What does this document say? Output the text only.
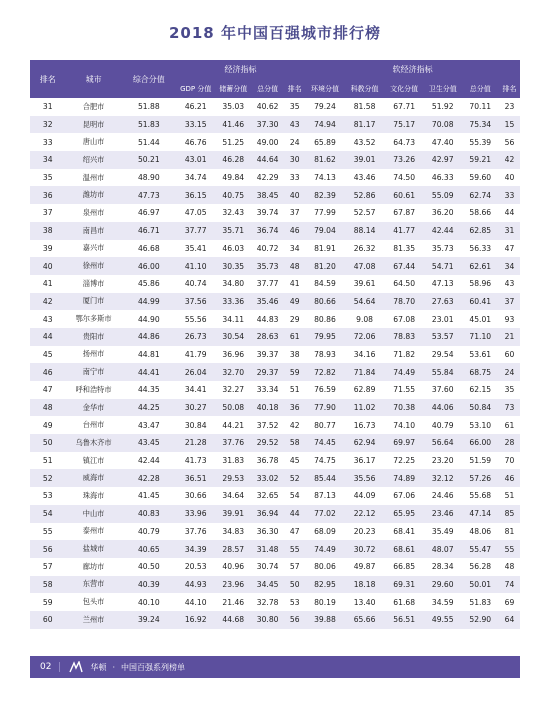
2018 年中国百强城市排行榜
排名	城市	综合分值	经济指标				软经济指标					
			GDP 分值	储蓄分值	总分值	排名	环境分值	科教分值	文化分值	卫生分值	总分值	排名
31	合肥市	51.88	46.21	35.03	40.62	35	79.24	81.58	67.71	51.92	70.11	23
32	昆明市	51.83	33.15	41.46	37.30	43	74.94	81.17	75.17	70.08	75.34	15
33	唐山市	51.44	46.76	51.25	49.00	24	65.89	43.52	64.73	47.40	55.39	56
34	绍兴市	50.21	43.01	46.28	44.64	30	81.62	39.01	73.26	42.97	59.21	42
35	温州市	48.90	34.74	49.84	42.29	33	74.13	43.46	74.50	46.33	59.60	40
36	潍坊市	47.73	36.15	40.75	38.45	40	82.39	52.86	60.61	55.09	62.74	33
37	泉州市	46.97	47.05	32.43	39.74	37	77.99	52.57	67.87	36.20	58.66	44
38	南昌市	46.71	37.77	35.71	36.74	46	79.04	88.14	41.77	42.44	62.85	31
39	嘉兴市	46.68	35.41	46.03	40.72	34	81.91	26.32	81.35	35.73	56.33	47
40	徐州市	46.00	41.10	30.35	35.73	48	81.20	47.08	67.44	54.71	62.61	34
41	淄博市	45.86	40.74	34.80	37.77	41	84.59	39.61	64.50	47.13	58.96	43
42	厦门市	44.99	37.56	33.36	35.46	49	80.66	54.64	78.70	27.63	60.41	37
43	鄂尔多斯市	44.90	55.56	34.11	44.83	29	80.86	9.08	67.08	23.01	45.01	93
44	贵阳市	44.86	26.73	30.54	28.63	61	79.95	72.06	78.83	53.57	71.10	21
45	扬州市	44.81	41.79	36.96	39.37	38	78.93	34.16	71.82	29.54	53.61	60
46	南宁市	44.41	26.04	32.70	29.37	59	72.82	71.84	74.49	55.84	68.75	24
47	呼和浩特市	44.35	34.41	32.27	33.34	51	76.59	62.89	71.55	37.60	62.15	35
48	金华市	44.25	30.27	50.08	40.18	36	77.90	11.02	70.38	44.06	50.84	73
49	台州市	43.47	30.84	44.21	37.52	42	80.77	16.73	74.10	40.79	53.10	61
50	乌鲁木齐市	43.45	21.28	37.76	29.52	58	74.45	62.94	69.97	56.64	66.00	28
51	镇江市	42.44	41.73	31.83	36.78	45	74.75	36.17	72.25	23.20	51.59	70
52	威海市	42.28	36.51	29.53	33.02	52	85.44	35.56	74.89	32.12	57.26	46
53	珠海市	41.45	30.66	34.64	32.65	54	87.13	44.09	67.06	24.46	55.68	51
54	中山市	40.83	33.96	39.91	36.94	44	77.02	22.12	65.95	23.46	47.14	85
55	泰州市	40.79	37.76	34.83	36.30	47	68.09	20.23	68.41	35.49	48.06	81
56	盐城市	40.65	34.39	28.57	31.48	55	74.49	30.72	68.61	48.07	55.47	55
57	廊坊市	40.50	20.53	40.96	30.74	57	80.06	49.87	66.85	28.34	56.28	48
58	东营市	40.39	44.93	23.96	34.45	50	82.95	18.18	69.31	29.60	50.01	74
59	包头市	40.10	44.10	21.46	32.78	53	80.19	13.40	61.68	34.59	51.83	69
60	兰州市	39.24	16.92	44.68	30.80	56	39.88	65.66	56.51	49.55	52.90	64
02	华顿 · 中国百强系列榜单
